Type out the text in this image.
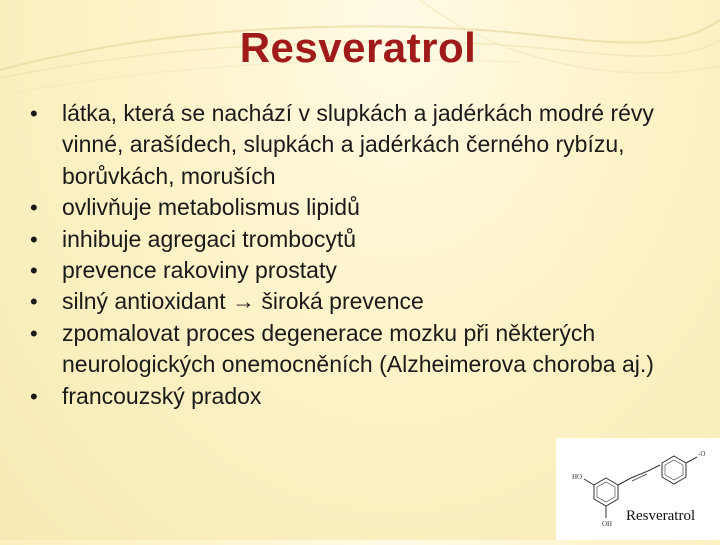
Resveratrol
• látka, která se nachází v slupkách a jadérkách modré révy vinné, arašídech, slupkách a jadérkách černého rybízu, borůvkách, moruších
• ovlivňuje metabolismus lipidů
• inhibuje agregaci trombocytů
• prevence rakoviny prostaty
• silný antioxidant → široká prevence
• zpomalovat proces degenerace mozku při některých neurologických onemocněních (Alzheimerova choroba aj.)
• francouzský pradox
HO
OH
-O
Resveratrol
